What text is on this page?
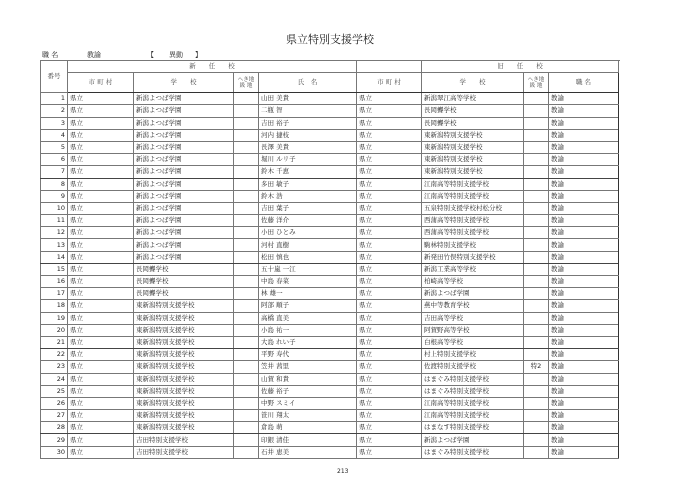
県立特別支援学校
職 名	教諭	【	異動	】
番号	新　　任　　校					旧　　任　　校		
	市 町 村	学　　校	へき地級 地	氏　名	市 町 村	学　　校	へき地級 地	職 名
1	県立	新潟よつば学園		山田 美貴	県立	新潟翠江高等学校		教諭
2	県立	新潟よつば学園		二瓶 智	県立	長岡聾学校		教諭
3	県立	新潟よつば学園		吉田 裕子	県立	長岡聾学校		教諭
4	県立	新潟よつば学園		河内 捷枝	県立	東新潟特別支援学校		教諭
5	県立	新潟よつば学園		長澤 美貴	県立	東新潟特別支援学校		教諭
6	県立	新潟よつば学園		堀川 ルリ子	県立	東新潟特別支援学校		教諭
7	県立	新潟よつば学園		鈴木 千恵	県立	東新潟特別支援学校		教諭
8	県立	新潟よつば学園		多田 敏子	県立	江南高等特別支援学校		教諭
9	県立	新潟よつば学園		鈴木 浩	県立	江南高等特別支援学校		教諭
10	県立	新潟よつば学園		吉田 葉子	県立	五泉特別支援学校村松分校		教諭
11	県立	新潟よつば学園		佐藤 洋介	県立	西蒲高等特別支援学校		教諭
12	県立	新潟よつば学園		小田 ひとみ	県立	西蒲高等特別支援学校		教諭
13	県立	新潟よつば学園		河村 直樹	県立	駒林特別支援学校		教諭
14	県立	新潟よつば学園		松田 慎也	県立	新発田竹俣特別支援学校		教諭
15	県立	長岡聾学校		五十嵐 一江	県立	新潟工業高等学校		教諭
16	県立	長岡聾学校		中島 春菜	県立	柏崎高等学校		教諭
17	県立	長岡聾学校		林 雄一	県立	新潟よつば学園		教諭
18	県立	東新潟特別支援学校		阿部 順子	県立	燕中等教育学校		教諭
19	県立	東新潟特別支援学校		高橋 直美	県立	吉田高等学校		教諭
20	県立	東新潟特別支援学校		小島 祐一	県立	阿賀野高等学校		教諭
21	県立	東新潟特別支援学校		大島 れい子	県立	白根高等学校		教諭
22	県立	東新潟特別支援学校		平野 寿代	県立	村上特別支援学校		教諭
23	県立	東新潟特別支援学校		笠井 茜里	県立	佐渡特別支援学校	特2	教諭
24	県立	東新潟特別支援学校		山賀 和貴	県立	はまぐみ特別支援学校		教諭
25	県立	東新潟特別支援学校		佐藤 裕子	県立	はまぐみ特別支援学校		教諭
26	県立	東新潟特別支援学校		中野 スミイ	県立	江南高等特別支援学校		教諭
27	県立	東新潟特別支援学校		笹川 翔太	県立	江南高等特別支援学校		教諭
28	県立	東新潟特別支援学校		倉島 萌	県立	はまなす特別支援学校		教諭
29	県立	吉田特別支援学校		印銀 清佳	県立	新潟よつば学園		教諭
30	県立	吉田特別支援学校		石井 恵美	県立	はまぐみ特別支援学校		教諭
213
